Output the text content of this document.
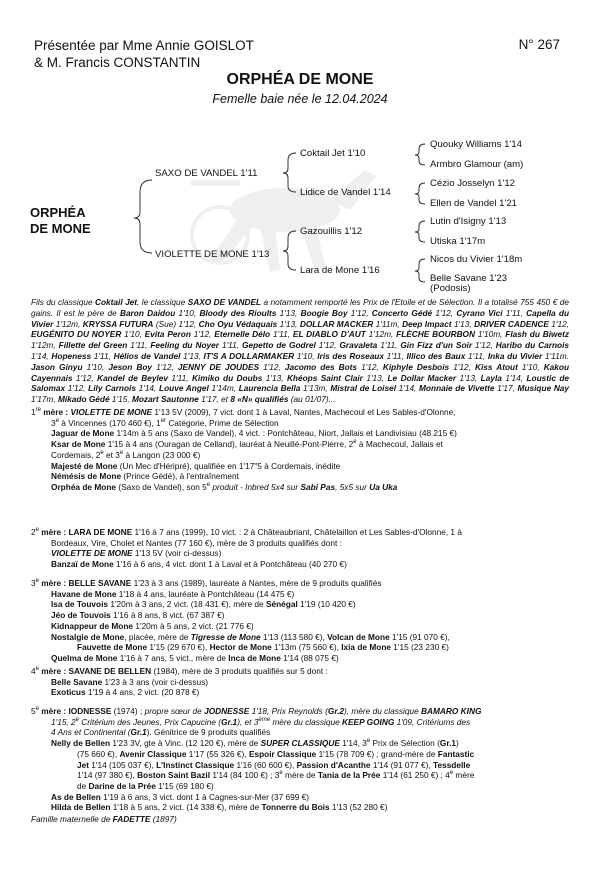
Présentée par Mme Annie GOISLOT
& M. Francis CONSTANTIN
N° 267
ORPHÉA DE MONE
Femelle baie née le 12.04.2024
ORPHÉA
DE MONE
SAXO DE VANDEL 1'11
VIOLETTE DE MONE 1'13
Coktail Jet 1'10
Lidice de Vandel 1'14
Gazouillis 1'12
Lara de Mone 1'16
Quouky Williams 1'14
Armbro Glamour (am)
Cézio Josselyn 1'12
Ellen de Vandel 1'21
Lutin d'Isigny 1'13
Utiska 1'17m
Nicos du Vivier 1'18m
Belle Savane 1'23
(Podosis)
Fils du classique Coktail Jet, le classique SAXO DE VANDEL a notamment remporté les Prix de l'Etoile et de Sélection. Il a totalisé 755 450 € de gains. Il est le père de Baron Daidou 1'10, Bloody des Rioults 1'13, Boogie Boy 1'12, Concerto Gédé 1'12, Cyrano Vici 1'11, Capella du Vivier 1'12m, KRYSSA FUTURA (Sue) 1'12, Cho Oyu Védaquais 1'13, DOLLAR MACKER 1'11m, Deep Impact 1'13, DRIVER CADENCE 1'12, EUGÉNITO DU NOYER 1'10, Evita Peron 1'12, Eternelle Délo 1'11, EL DIABLO D'AUT 1'12m, FLÈCHE BOURBON 1'10m, Flash du Biwetz 1'12m, Fillette del Green 1'11, Feeling du Noyer 1'11, Gepetto de Godrel 1'12, Gravaleta 1'11, Gin Fizz d'un Soir 1'12, Haribo du Carnois 1'14, Hopeness 1'11, Hélios de Vandel 1'13, IT'S A DOLLARMAKER 1'10, Iris des Roseaux 1'11, Illico des Baux 1'11, Inka du Vivier 1'11m. Jason Ginyu 1'10, Jeson Boy 1'12, JENNY DE JOUDES 1'12, Jacomo des Bots 1'12, Kiphyle Desbois 1'12, Kiss Atout 1'10, Kakou Cayennais 1'12, Kandel de Beylev 1'11, Kimiko du Doubs 1'13, Khéops Saint Clair 1'13, Le Dollar Macker 1'13, Layla 1'14, Loustic de Salomax 1'12, Lily Carnois 1'14, Louve Angel 1'14m, Laurencia Bella 1'13m, Mistral de Loisel 1'14, Monnaie de Vivette 1'17, Musique Nay 1'17m, Mikado Gédé 1'15, Mozart Sautonne 1'17, et 8 «N» qualifiés (au 01/07)...
1re mère : VIOLETTE DE MONE 1'13 5V (2009), 7 vict. dont 1 à Laval, Nantes, Machecoul et Les Sables-d'Olonne,
3e à Vincennes (170 460 €), 1er Catégorie, Prime de Sélection
Jaguar de Mone 1'14m à 5 ans (Saxo de Vandel), 4 vict. : Pontchâteau, Niort, Jallais et Landivisiau (48 215 €)
Ksar de Mone 1'15 à 4 ans (Ouragan de Celland), lauréat à Neuillé-Pont-Pierre, 2e à Machecoul, Jallais et
Cordemais, 2e et 3e à Langon (23 000 €)
Majesté de Mone (Un Mec d'Héripré), qualifiée en 1'17"5 à Cordemais, inédite
Némésis de Mone (Prince Gédé), à l'entraînement
Orphéa de Mone (Saxo de Vandel), son 5e produit - Inbred 5x4 sur Sabi Pas, 5x5 sur Ua Uka
2e mère : LARA DE MONE 1'16 à 7 ans (1999), 10 vict. : 2 à Châteaubriant, Châtelaillon et Les Sables-d'Olonne, 1 à
Bordeaux, Vire, Cholet et Nantes (77 160 €), mère de 3 produits qualifiés dont :
VIOLETTE DE MONE 1'13 5V (voir ci-dessus)
Banzaï de Mone 1'16 à 6 ans, 4 vict. dont 1 à Laval et à Pontchâteau (40 270 €)
3e mère : BELLE SAVANE 1'23 à 3 ans (1989), lauréate à Nantes, mère de 9 produits qualifiés
Havane de Mone 1'18 à 4 ans, lauréate à Pontchâteau (14 475 €)
Isa de Touvois 1'20m à 3 ans, 2 vict. (18 431 €), mère de Sénégal 1'19 (10 420 €)
Jéo de Touvois 1'16 à 8 ans, 8 vict. (67 387 €)
Kidnappeur de Mone 1'20m à 5 ans, 2 vict. (21 776 €)
Nostalgie de Mone, placée, mère de Tigresse de Mone 1'13 (113 580 €), Volcan de Mone 1'15 (91 070 €),
Fauvette de Mone 1'15 (29 670 €), Hector de Mone 1'13m (75 560 €), Ixia de Mone 1'15 (23 230 €)
Quelma de Mone 1'16 à 7 ans, 5 vict., mère de Inca de Mone 1'14 (88 075 €)
4e mère : SAVANE DE BELLEN (1984), mère de 3 produits qualifiés sur 5 dont :
Belle Savane 1'23 à 3 ans (voir ci-dessus)
Exoticus 1'19 à 4 ans, 2 vict. (20 878 €)
5e mère : IODNESSE (1974) ; propre sœur de JODNESSE 1'18, Prix Reynolds (Gr.2), mère du classique BAMARO KING
1'15, 2e Critérium des Jeunes, Prix Capucine (Gr.1), et 3ème mère du classique KEEP GOING 1'09, Critériums des
4 Ans et Continental (Gr.1). Génitrice de 9 produits qualifiés
Nelly de Bellen 1'23 3V, gte à Vinc. (12 120 €), mère de SUPER CLASSIQUE 1'14, 3e Prix de Sélection (Gr.1)
(75 660 €), Avenir Classique 1'17 (55 326 €), Espoir Classique 1'15 (78 709 €) ; grand-mère de Fantastic
Jet 1'14 (105 037 €), L'Instinct Classique 1'16 (60 600 €), Passion d'Acanthe 1'14 (91 077 €), Tessdelle
1'14 (97 380 €), Boston Saint Bazil 1'14 (84 100 €) ; 3e mère de Tania de la Prée 1'14 (61 250 €) ; 4e mère
de Darine de la Prée 1'15 (69 180 €)
As de Bellen 1'19 à 6 ans, 3 vict. dont 1 à Cagnes-sur-Mer (37 699 €)
Hilda de Bellen 1'18 à 5 ans, 2 vict. (14 338 €), mère de Tonnerre du Bois 1'13 (52 280 €)
Famille maternelle de FADETTE (1897)
